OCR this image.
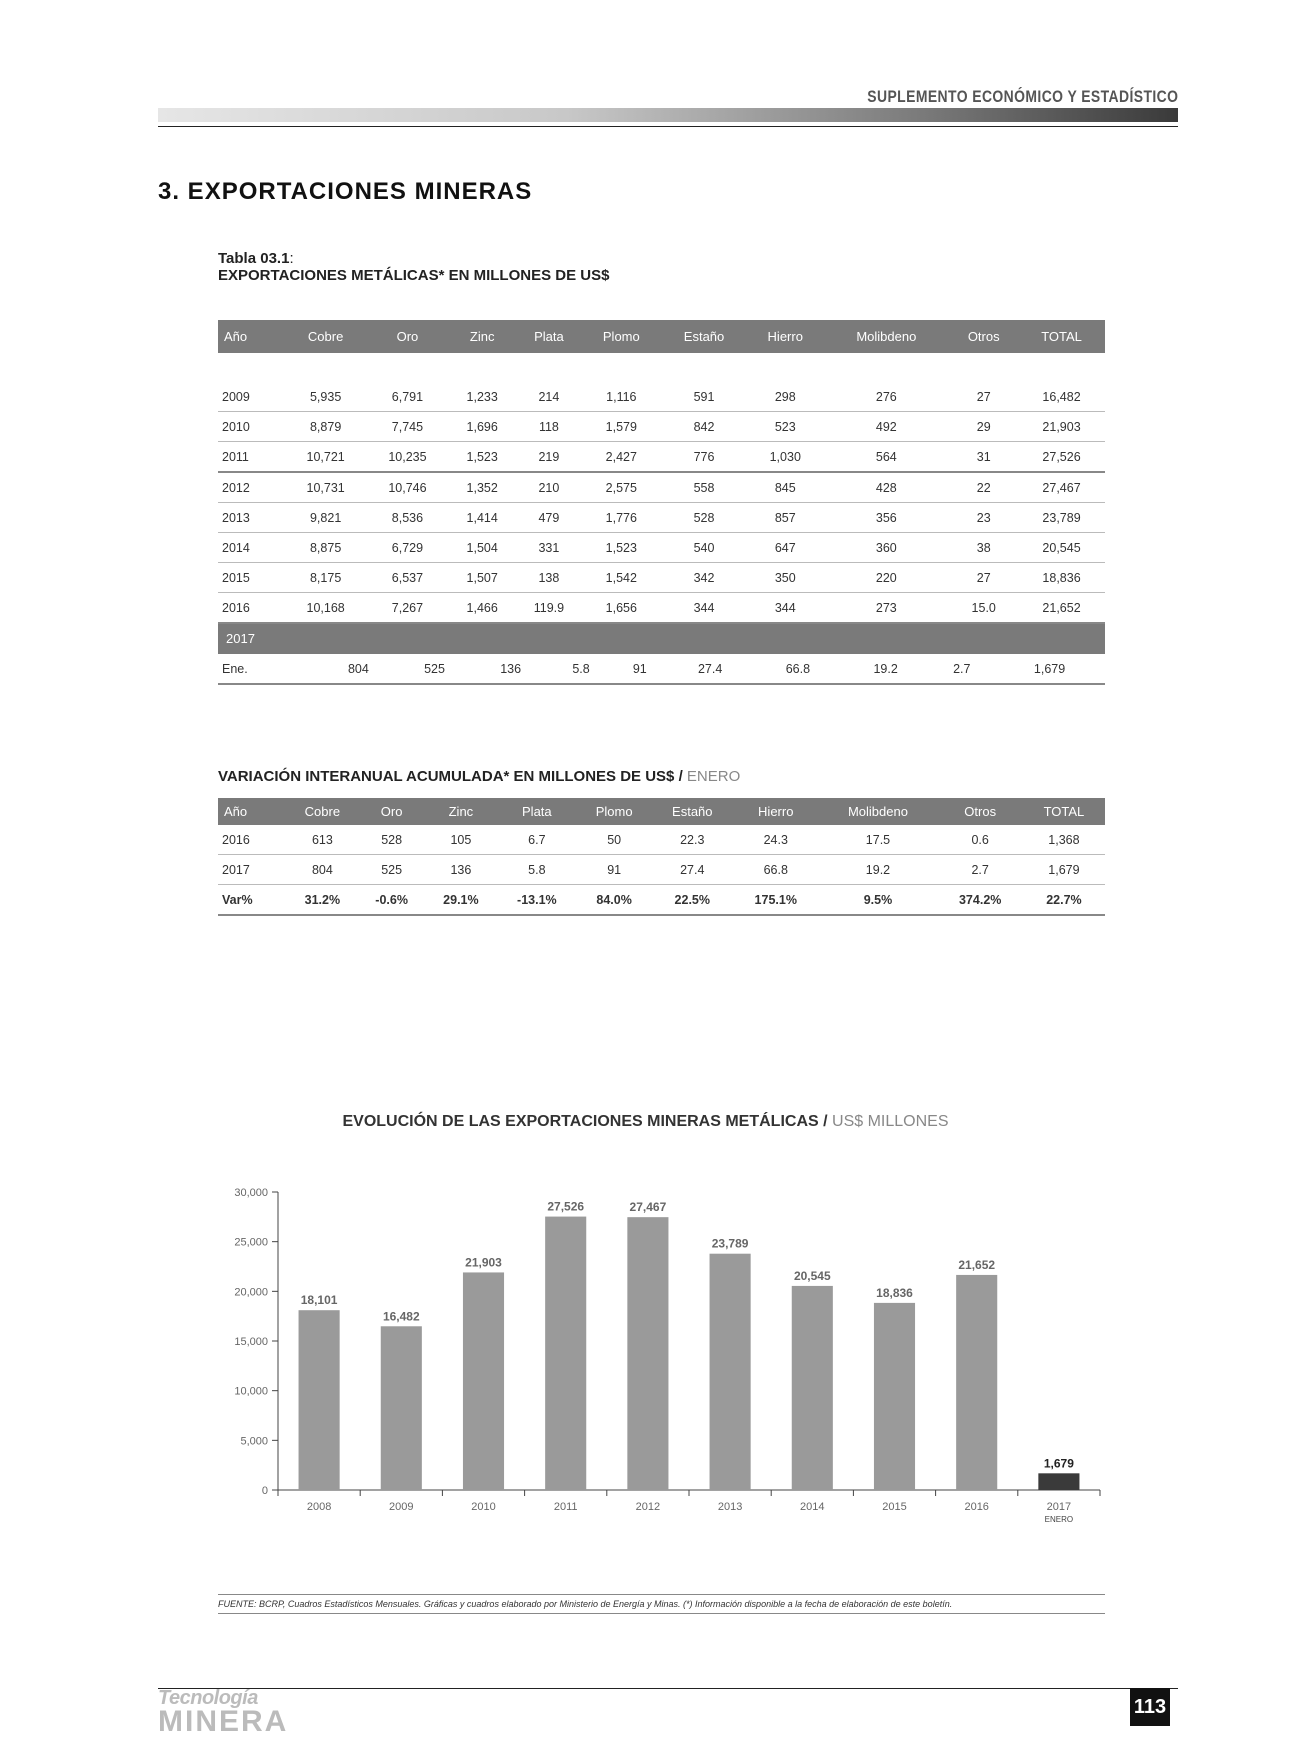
SUPLEMENTO ECONÓMICO Y ESTADÍSTICO
3. EXPORTACIONES MINERAS
Tabla 03.1:
EXPORTACIONES METÁLICAS* EN MILLONES DE US$
Año	Cobre	Oro	Zinc	Plata	Plomo	Estaño	Hierro	Molibdeno	Otros	TOTAL

2009	5,935	6,791	1,233	214	1,116	591	298	276	27	16,482
2010	8,879	7,745	1,696	118	1,579	842	523	492	29	21,903
2011	10,721	10,235	1,523	219	2,427	776	1,030	564	31	27,526
2012	10,731	10,746	1,352	210	2,575	558	845	428	22	27,467
2013	9,821	8,536	1,414	479	1,776	528	857	356	23	23,789
2014	8,875	6,729	1,504	331	1,523	540	647	360	38	20,545
2015	8,175	6,537	1,507	138	1,542	342	350	220	27	18,836
2016	10,168	7,267	1,466	119.9	1,656	344	344	273	15.0	21,652
2017
Ene.	804	525	136	5.8	91	27.4	66.8	19.2	2.7	1,679
VARIACIÓN INTERANUAL ACUMULADA* EN MILLONES DE US$ / ENERO
Año	Cobre	Oro	Zinc	Plata	Plomo	Estaño	Hierro	Molibdeno	Otros	TOTAL
2016	613	528	105	6.7	50	22.3	24.3	17.5	0.6	1,368
2017	804	525	136	5.8	91	27.4	66.8	19.2	2.7	1,679
Var%	31.2%	-0.6%	29.1%	-13.1%	84.0%	22.5%	175.1%	9.5%	374.2%	22.7%
EVOLUCIÓN DE LAS EXPORTACIONES MINERAS METÁLICAS / US$ MILLONES
0
5,000
10,000
15,000
20,000
25,000
30,000
18,101
2008
16,482
2009
21,903
2010
27,526
2011
27,467
2012
23,789
2013
20,545
2014
18,836
2015
21,652
2016
1,679
2017
ENERO
FUENTE: BCRP, Cuadros Estadísticos Mensuales. Gráficas y cuadros elaborado por Ministerio de Energía y Minas. (*) Información disponible a la fecha de elaboración de este boletín.
Tecnología
MINERA	113
